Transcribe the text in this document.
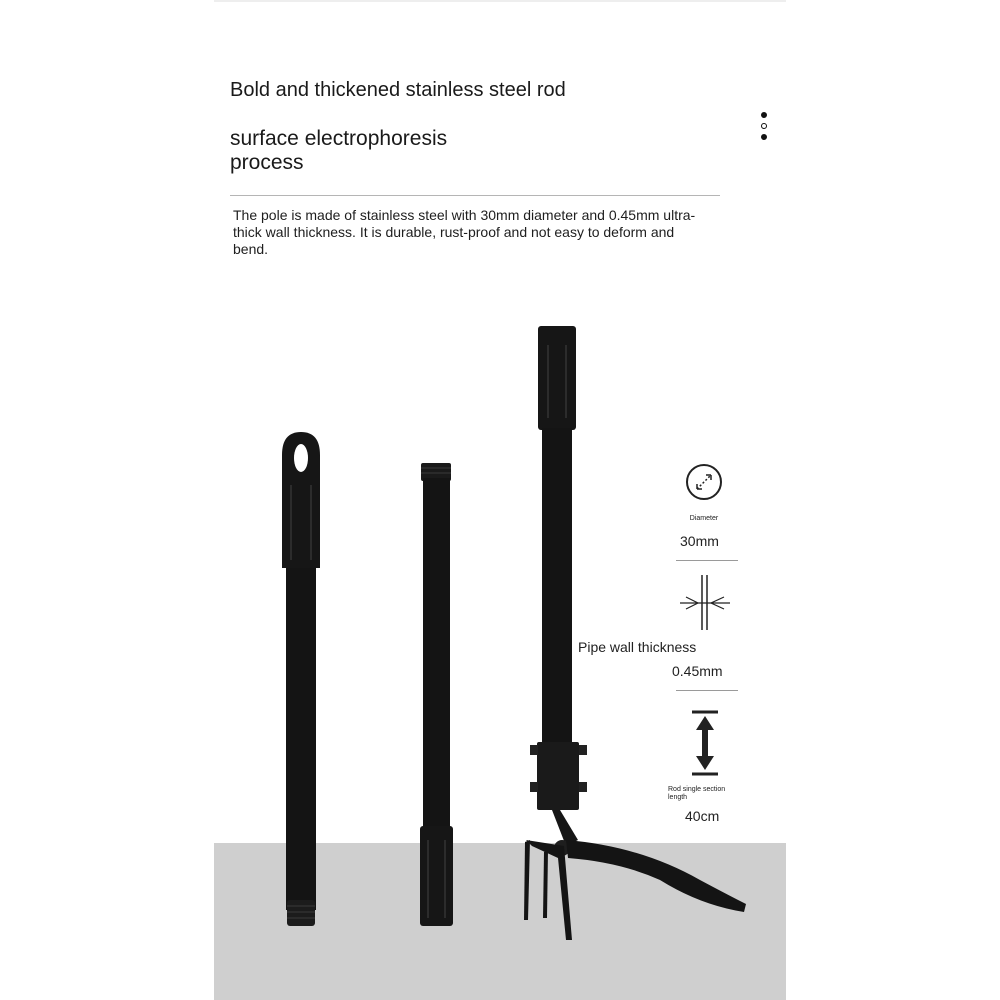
Bold and thickened stainless steel rod
surface electrophoresis process

The pole is made of stainless steel with 30mm diameter and 0.45mm ultra-thick wall thickness. It is durable, rust-proof and not easy to deform and bend.

Diameter
30mm
Pipe wall thickness
0.45mm
Rod single section length
40cm
